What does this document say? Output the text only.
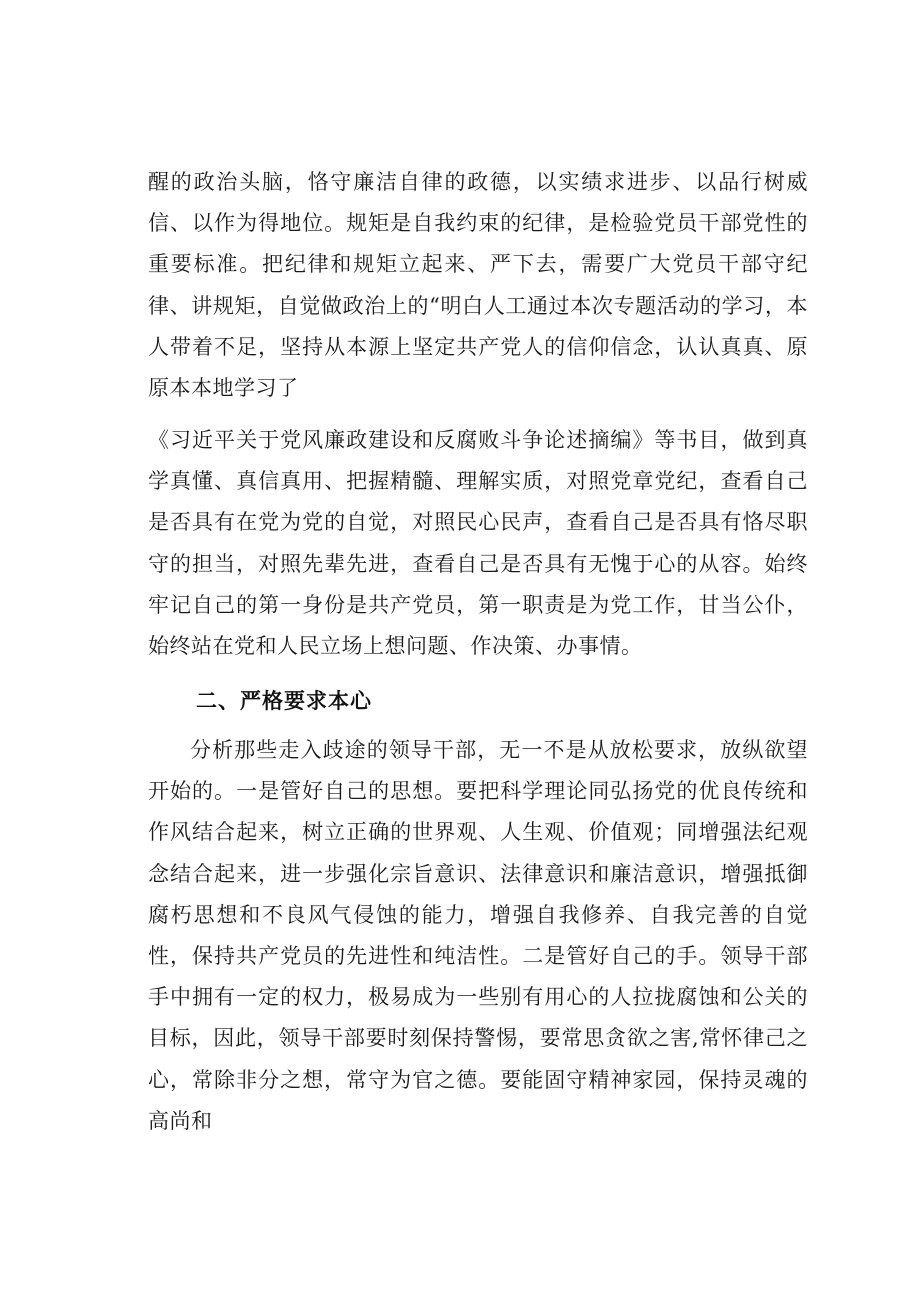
醒的政治头脑，恪守廉洁自律的政德，以实绩求进步、以品行树威信、以作为得地位。规矩是自我约束的纪律，是检验党员干部党性的重要标准。把纪律和规矩立起来、严下去，需要广大党员干部守纪律、讲规矩，自觉做政治上的“明白人工通过本次专题活动的学习，本人带着不足，坚持从本源上坚定共产党人的信仰信念，认认真真、原原本本地学习了

《习近平关于党风廉政建设和反腐败斗争论述摘编》等书目，做到真学真懂、真信真用、把握精髓、理解实质，对照党章党纪，查看自己是否具有在党为党的自觉，对照民心民声，查看自己是否具有恪尽职守的担当，对照先辈先进，查看自己是否具有无愧于心的从容。始终牢记自己的第一身份是共产党员，第一职责是为党工作，甘当公仆，始终站在党和人民立场上想问题、作决策、办事情。

二、严格要求本心

分析那些走入歧途的领导干部，无一不是从放松要求，放纵欲望开始的。一是管好自己的思想。要把科学理论同弘扬党的优良传统和作风结合起来，树立正确的世界观、人生观、价值观；同增强法纪观念结合起来，进一步强化宗旨意识、法律意识和廉洁意识，增强抵御腐朽思想和不良风气侵蚀的能力，增强自我修养、自我完善的自觉性，保持共产党员的先进性和纯洁性。二是管好自己的手。领导干部手中拥有一定的权力，极易成为一些别有用心的人拉拢腐蚀和公关的目标，因此，领导干部要时刻保持警惕，要常思贪欲之害,常怀律己之心，常除非分之想，常守为官之德。要能固守精神家园，保持灵魂的高尚和
